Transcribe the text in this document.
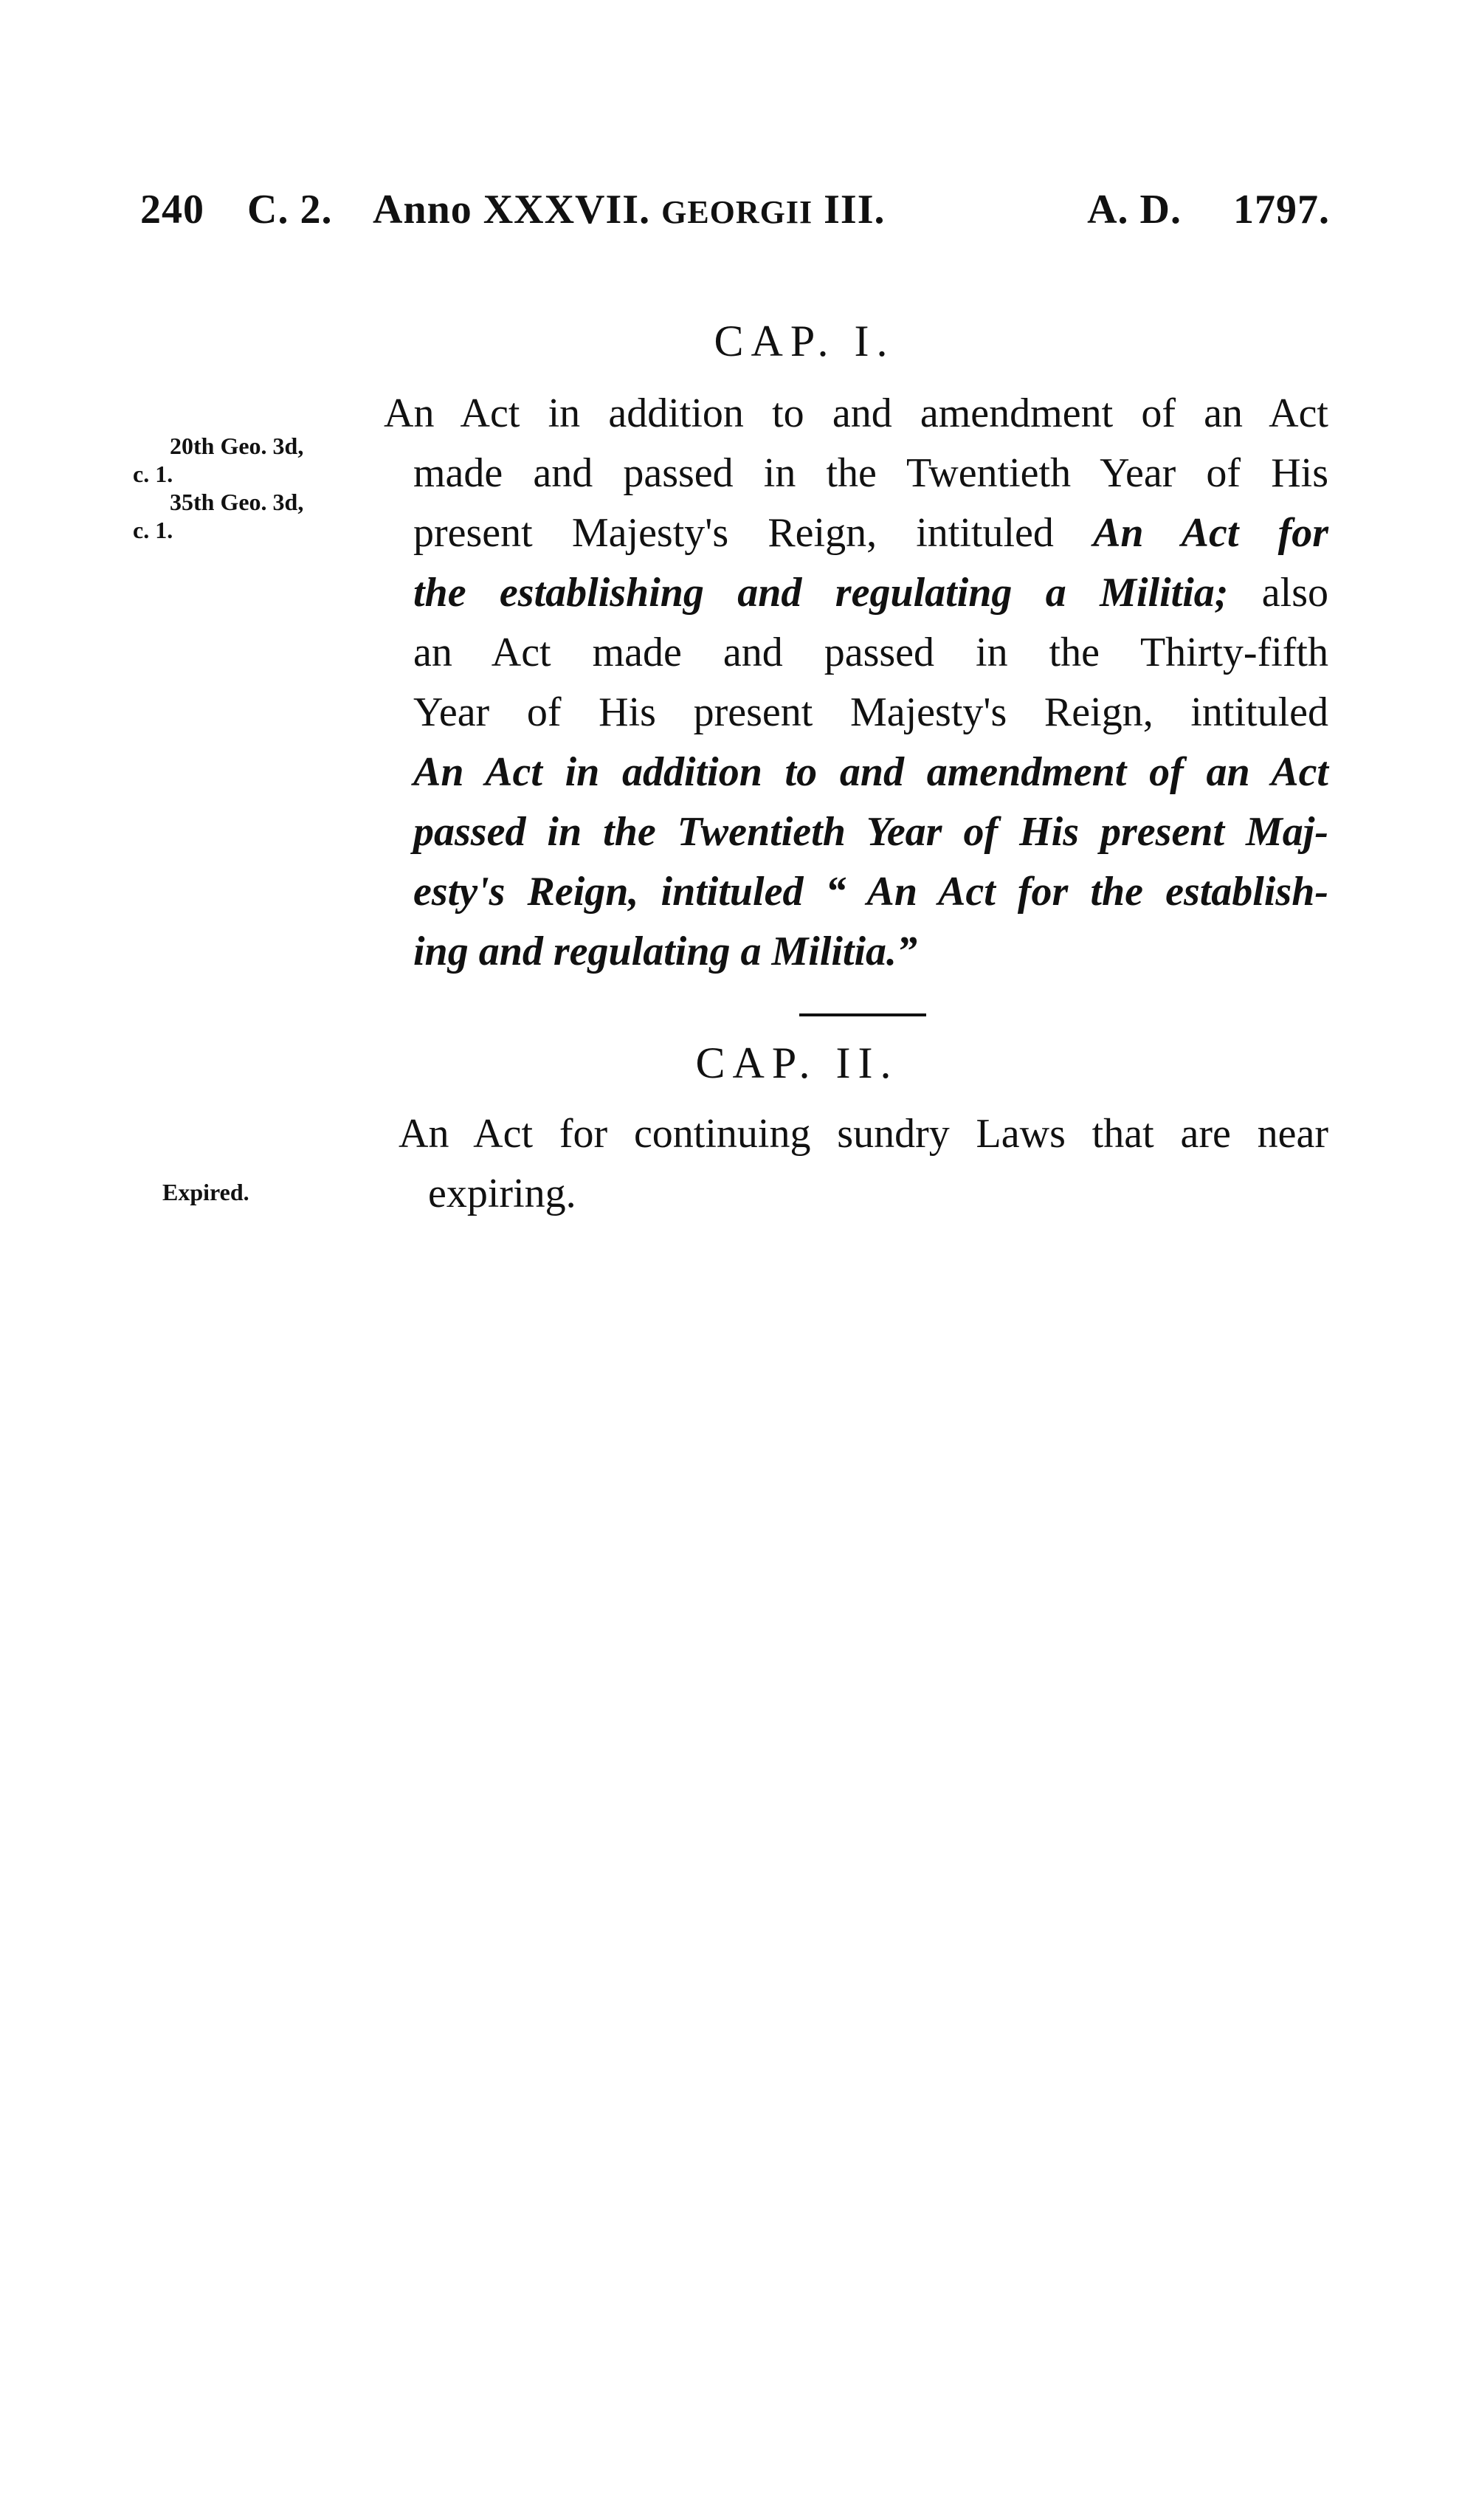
240	C. 2. Anno XXXVII. GEORGII III.	A. D. 1797.
20th Geo. 3d,
c. 1.
35th Geo. 3d,
c. 1.
CAP. I.
An Act in addition to and amendment of an Act
made and passed in the Twentieth Year of His
present Majesty's Reign, intituled An Act for
the establishing and regulating a Militia; also
an Act made and passed in the Thirty-fifth
Year of His present Majesty's Reign, intituled
An Act in addition to and amendment of an Act
passed in the Twentieth Year of His present Maj-
esty's Reign, intituled “ An Act for the establish-
ing and regulating a Militia.”
CAP. II.
An Act for continuing sundry Laws that are near
expiring.
Expired.
